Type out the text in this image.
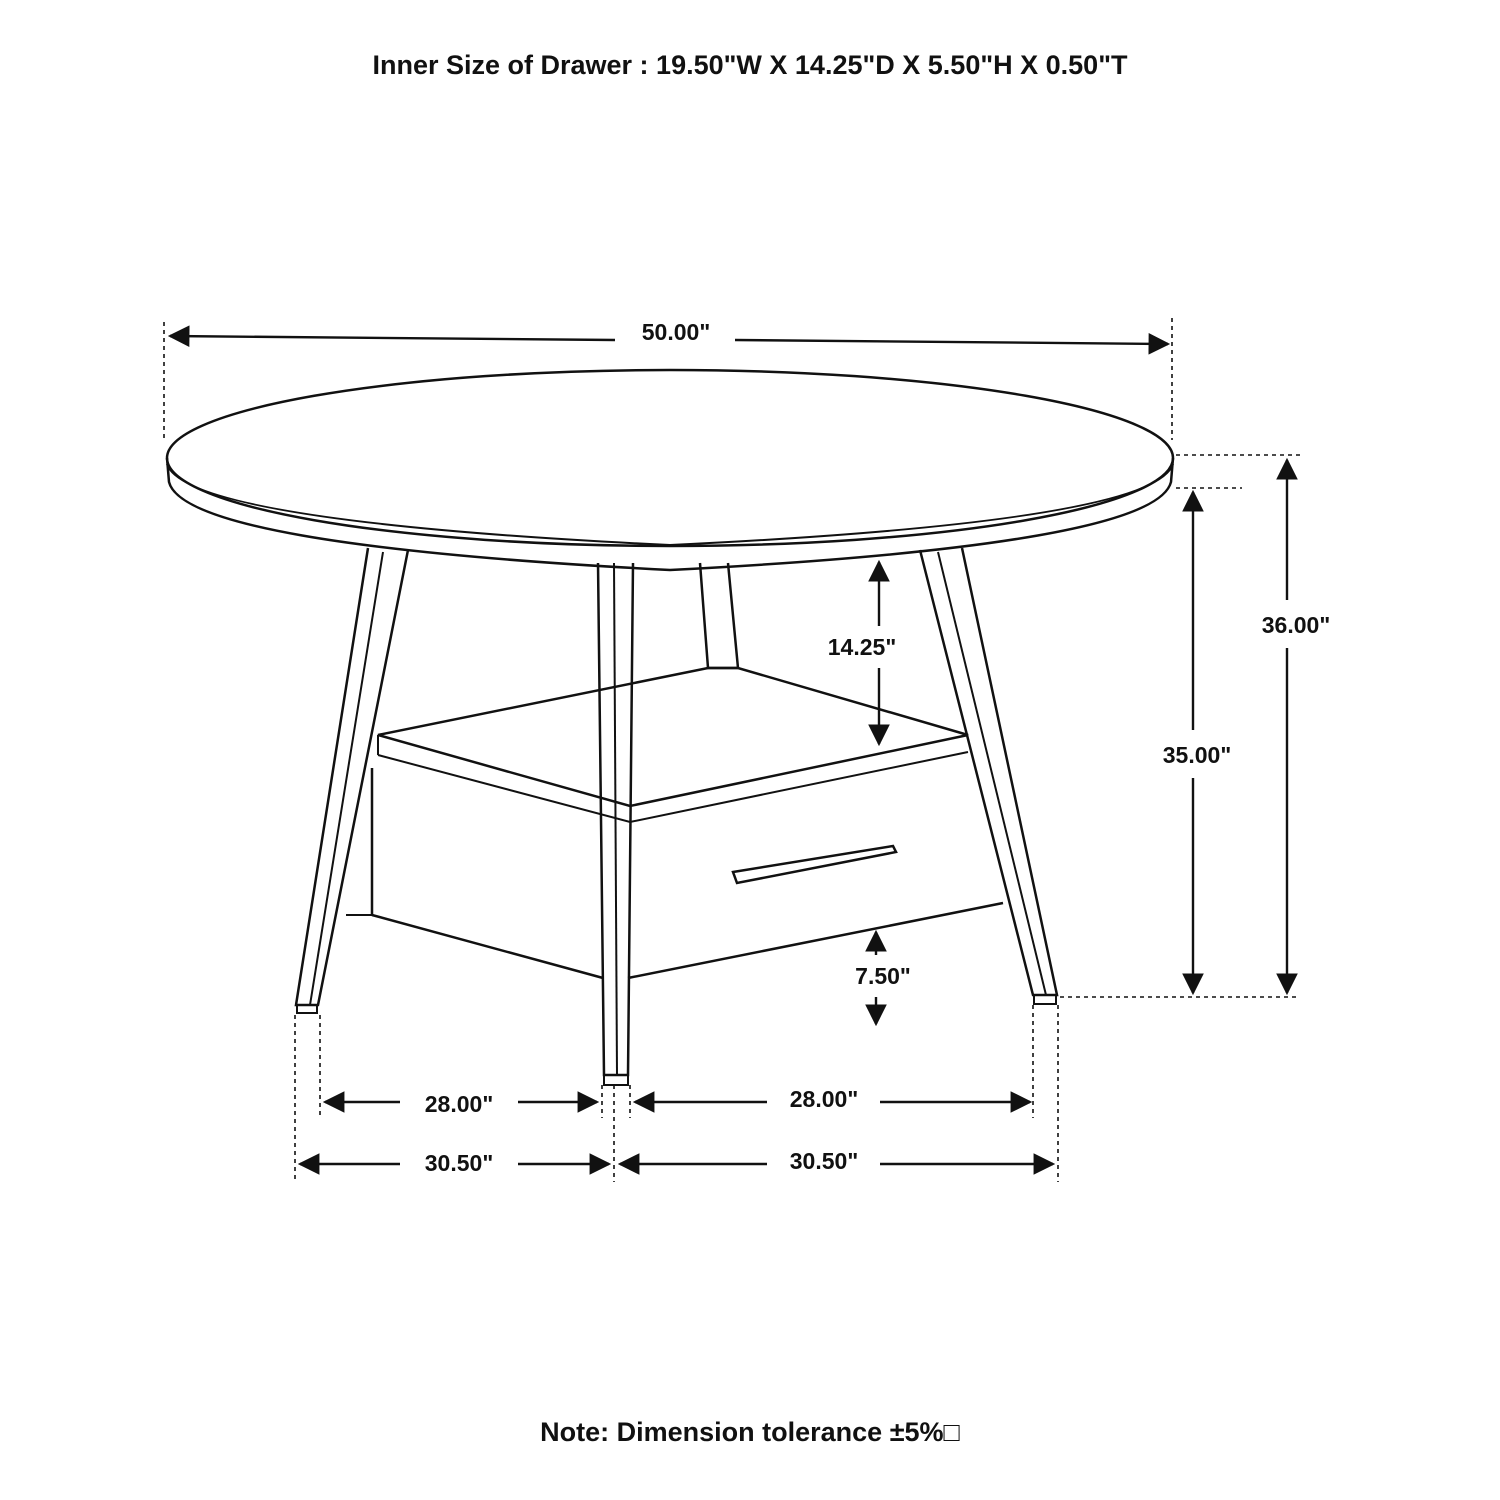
Inner Size of Drawer : 19.50"W X 14.25"D X 5.50"H X 0.50"T
50.00"
36.00"
35.00"
14.25"
7.50"
28.00"	28.00"
30.50"	30.50"
Note: Dimension tolerance ±5%□
